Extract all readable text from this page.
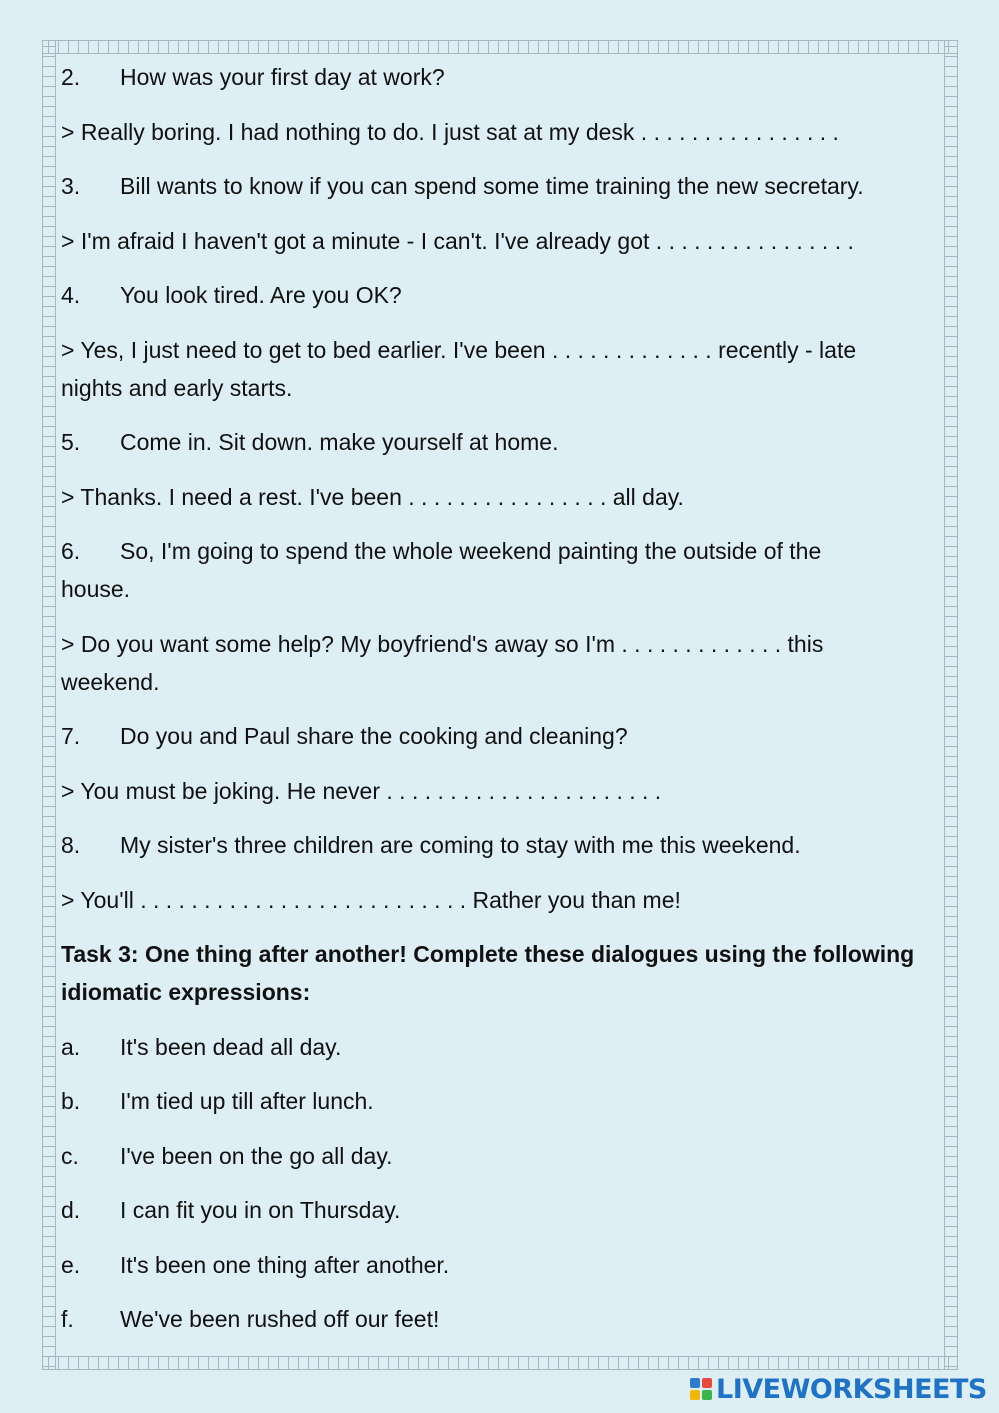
2. How was your first day at work?

> Really boring. I had nothing to do. I just sat at my desk . . . . . . . . . . . . . . . .

3. Bill wants to know if you can spend some time training the new secretary.

> I'm afraid I haven't got a minute - I can't. I've already got . . . . . . . . . . . . . . . .

4. You look tired. Are you OK?

> Yes, I just need to get to bed earlier. I've been . . . . . . . . . . . . . recently - late

nights and early starts.

5. Come in. Sit down. make yourself at home.

> Thanks. I need a rest. I've been . . . . . . . . . . . . . . . . all day.

6. So, I'm going to spend the whole weekend painting the outside of the

house.

> Do you want some help? My boyfriend's away so I'm . . . . . . . . . . . . . this

weekend.

7. Do you and Paul share the cooking and cleaning?

> You must be joking. He never . . . . . . . . . . . . . . . . . . . . . .

8. My sister's three children are coming to stay with me this weekend.

> You'll . . . . . . . . . . . . . . . . . . . . . . . . . . Rather you than me!

Task 3: One thing after another! Complete these dialogues using the following

idiomatic expressions:

a. It's been dead all day.

b. I'm tied up till after lunch.

c. I've been on the go all day.

d. I can fit you in on Thursday.

e. It's been one thing after another.

f. We've been rushed off our feet!

LIVEWORKSHEETS
